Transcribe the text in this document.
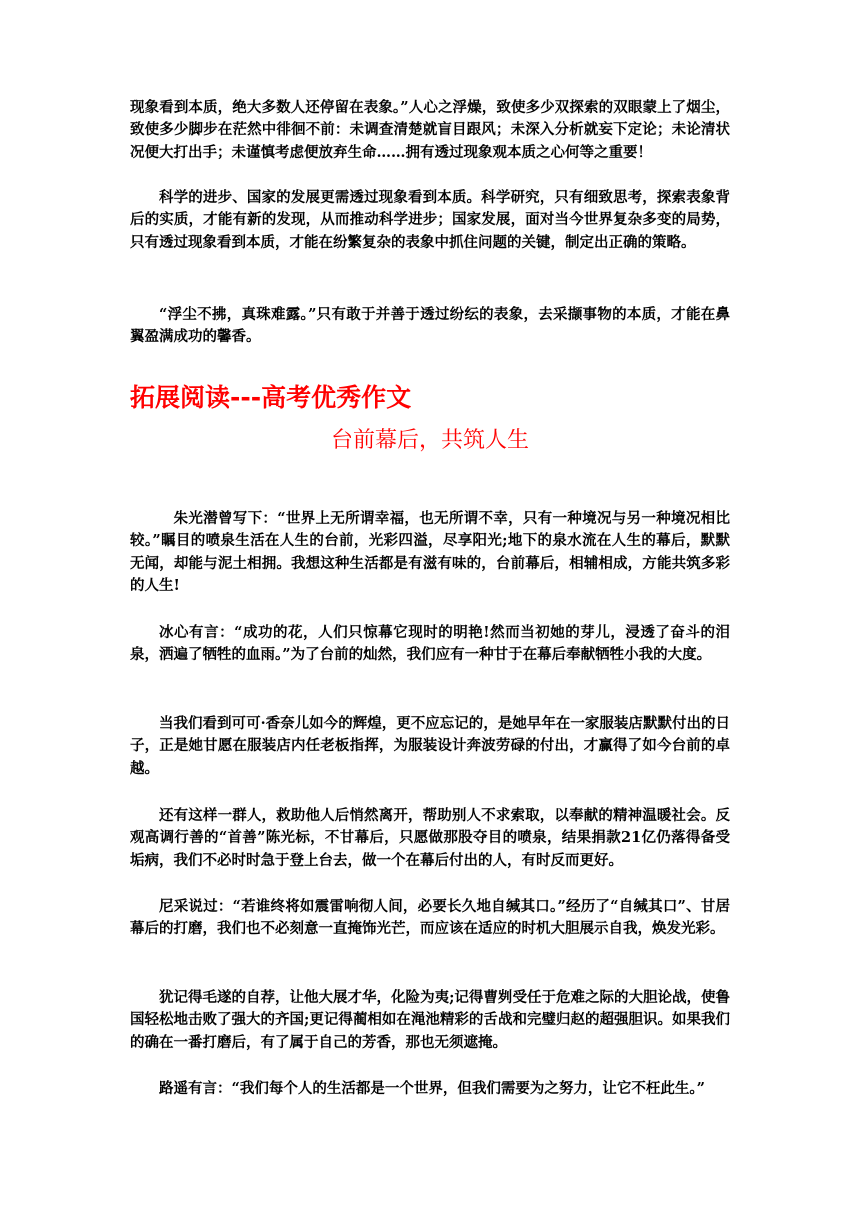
现象看到本质，绝大多数人还停留在表象。”人心之浮燥，致使多少双探索的双眼蒙上了烟尘，致使多少脚步在茫然中徘徊不前：未调查清楚就盲目跟风；未深入分析就妄下定论；未论清状况便大打出手；未谨慎考虑便放弃生命……拥有透过现象观本质之心何等之重要！

科学的进步、国家的发展更需透过现象看到本质。科学研究，只有细致思考，探索表象背后的实质，才能有新的发现，从而推动科学进步；国家发展，面对当今世界复杂多变的局势，只有透过现象看到本质，才能在纷繁复杂的表象中抓住问题的关键，制定出正确的策略。

“浮尘不拂，真珠难露。”只有敢于并善于透过纷纭的表象，去采撷事物的本质，才能在鼻翼盈满成功的馨香。

拓展阅读---高考优秀作文
台前幕后，共筑人生

朱光潜曾写下：“世界上无所谓幸福，也无所谓不幸，只有一种境况与另一种境况相比较。”瞩目的喷泉生活在人生的台前，光彩四溢，尽享阳光;地下的泉水流在人生的幕后，默默无闻，却能与泥土相拥。我想这种生活都是有滋有味的，台前幕后，相辅相成，方能共筑多彩的人生!

冰心有言：“成功的花，人们只惊幕它现时的明艳!然而当初她的芽儿，浸透了奋斗的泪泉，洒遍了牺牲的血雨。”为了台前的灿然，我们应有一种甘于在幕后奉献牺牲小我的大度。

当我们看到可可·香奈儿如今的辉煌，更不应忘记的，是她早年在一家服装店默默付出的日子，正是她甘愿在服装店内任老板指挥，为服装设计奔波劳碌的付出，才赢得了如今台前的卓越。

还有这样一群人，救助他人后悄然离开，帮助别人不求索取，以奉献的精神温暖社会。反观高调行善的“首善”陈光标，不甘幕后，只愿做那股夺目的喷泉，结果捐款21亿仍落得备受垢病，我们不必时时急于登上台去，做一个在幕后付出的人，有时反而更好。

尼采说过：“若谁终将如震雷响彻人间，必要长久地自缄其口。”经历了“自缄其口”、甘居幕后的打磨，我们也不必刻意一直掩饰光芒，而应该在适应的时机大胆展示自我，焕发光彩。

犹记得毛遂的自荐，让他大展才华，化险为夷;记得曹刿受任于危难之际的大胆论战，使鲁国轻松地击败了强大的齐国;更记得蔺相如在渑池精彩的舌战和完璧归赵的超强胆识。如果我们的确在一番打磨后，有了属于自己的芳香，那也无须遮掩。

路遥有言：“我们每个人的生活都是一个世界，但我们需要为之努力，让它不枉此生。”
